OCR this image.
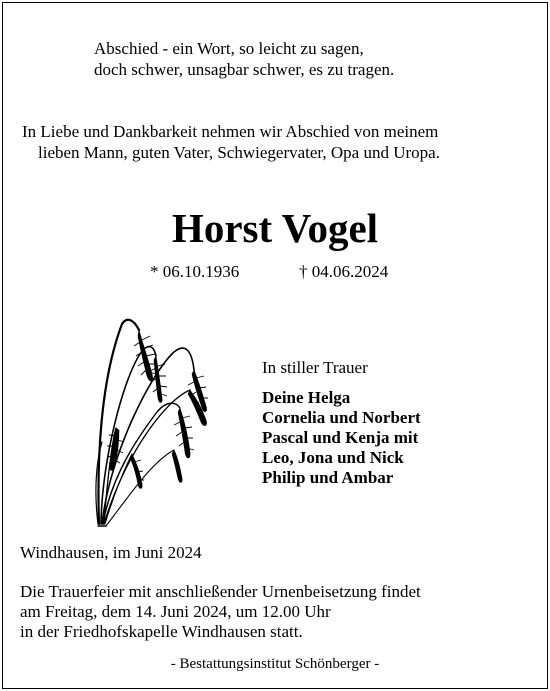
Abschied - ein Wort, so leicht zu sagen,
doch schwer, unsagbar schwer, es zu tragen.
In Liebe und Dankbarkeit nehmen wir Abschied von meinem
lieben Mann, guten Vater, Schwiegervater, Opa und Uropa.
Horst Vogel
* 06.10.1936	† 04.06.2024
In stiller Trauer
Deine Helga
Cornelia und Norbert
Pascal und Kenja mit
Leo, Jona und Nick
Philip und Ambar
Windhausen, im Juni 2024
Die Trauerfeier mit anschließender Urnenbeisetzung findet
am Freitag, dem 14. Juni 2024, um 12.00 Uhr
in der Friedhofskapelle Windhausen statt.
- Bestattungsinstitut Schönberger -
